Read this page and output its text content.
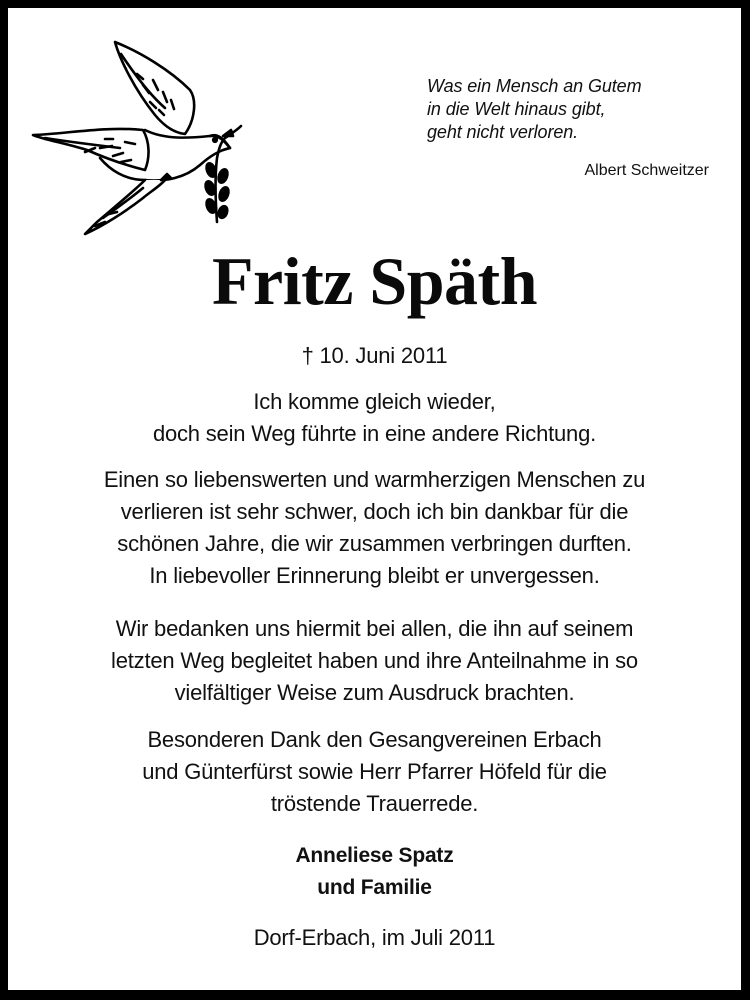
Was ein Mensch an Gutem
in die Welt hinaus gibt,
geht nicht verloren.
Albert Schweitzer
Fritz Späth
† 10. Juni 2011
Ich komme gleich wieder,
doch sein Weg führte in eine andere Richtung.
Einen so liebenswerten und warmherzigen Menschen zu
verlieren ist sehr schwer, doch ich bin dankbar für die
schönen Jahre, die wir zusammen verbringen durften.
In liebevoller Erinnerung bleibt er unvergessen.
Wir bedanken uns hiermit bei allen, die ihn auf seinem
letzten Weg begleitet haben und ihre Anteilnahme in so
vielfältiger Weise zum Ausdruck brachten.
Besonderen Dank den Gesangvereinen Erbach
und Günterfürst sowie Herr Pfarrer Höfeld für die
tröstende Trauerrede.
Anneliese Spatz
und Familie
Dorf-Erbach, im Juli 2011
